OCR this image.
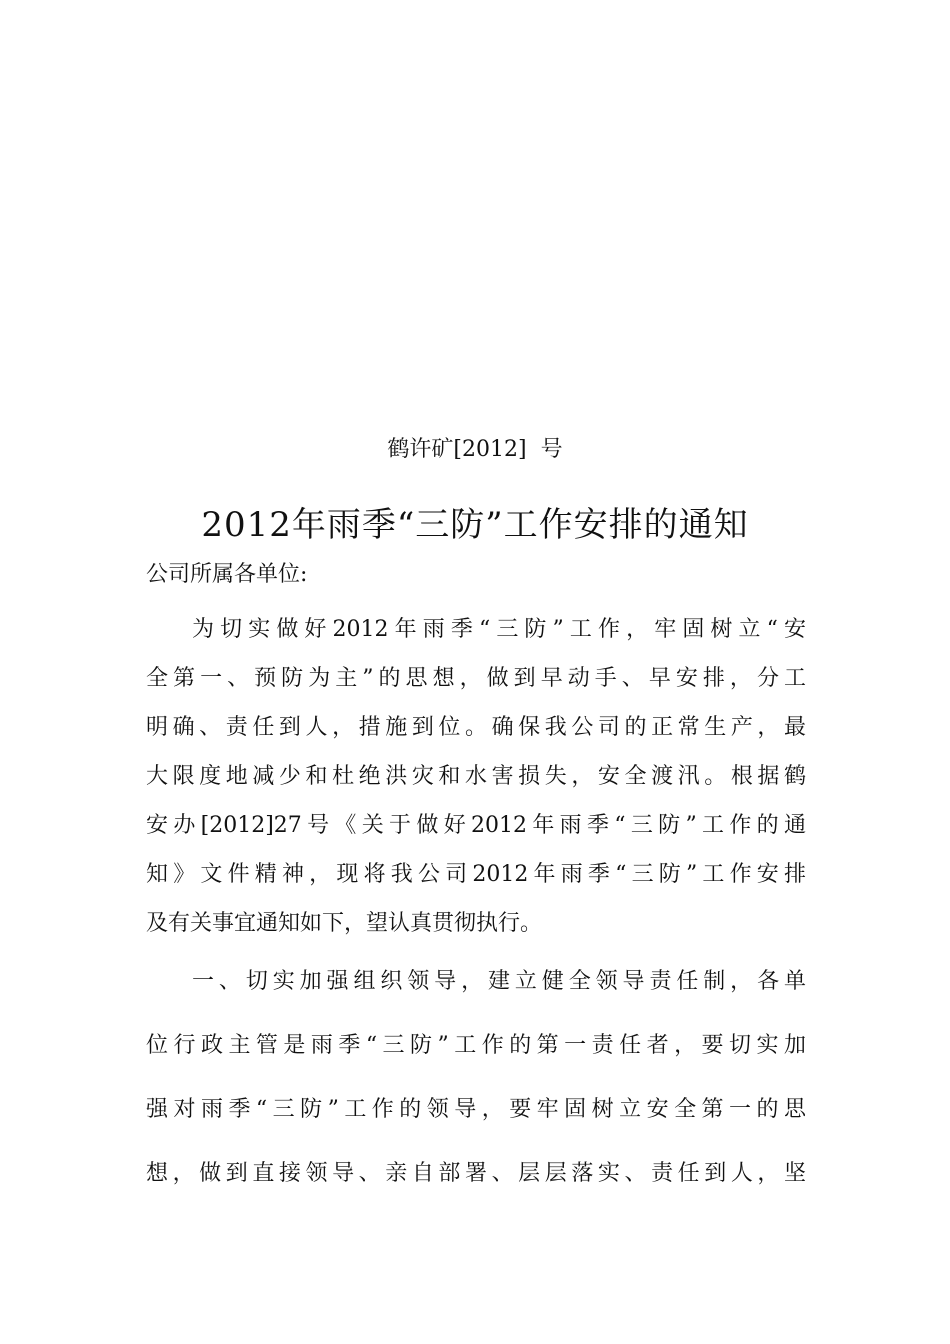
鹤许矿[2012]  号
2012年雨季“三防”工作安排的通知
公司所属各单位:
为切实做好2012年雨季“三防”工作，牢固树立“安
全第一、预防为主”的思想，做到早动手、早安排，分工
明确、责任到人，措施到位。确保我公司的正常生产，最
大限度地减少和杜绝洪灾和水害损失，安全渡汛。根据鹤
安办[2012]27号《关于做好2012年雨季“三防”工作的通
知》文件精神，现将我公司2012年雨季“三防”工作安排
及有关事宜通知如下，望认真贯彻执行。
一、切实加强组织领导，建立健全领导责任制，各单
位行政主管是雨季“三防”工作的第一责任者，要切实加
强对雨季“三防”工作的领导，要牢固树立安全第一的思
想，做到直接领导、亲自部署、层层落实、责任到人，坚
